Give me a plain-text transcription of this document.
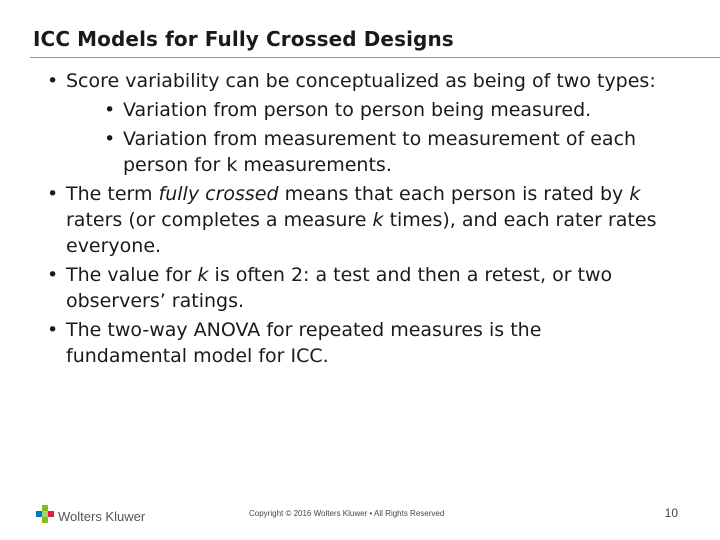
ICC Models for Fully Crossed Designs
• Score variability can be conceptualized as being of two types:
• Variation from person to person being measured.
• Variation from measurement to measurement of each
person for k measurements.
• The term fully crossed means that each person is rated by k
raters (or completes a measure k times), and each rater rates
everyone.
• The value for k is often 2: a test and then a retest, or two
observers’ ratings.
• The two-way ANOVA for repeated measures is the
fundamental model for ICC.
Wolters Kluwer	Copyright © 2016 Wolters Kluwer • All Rights Reserved	10
